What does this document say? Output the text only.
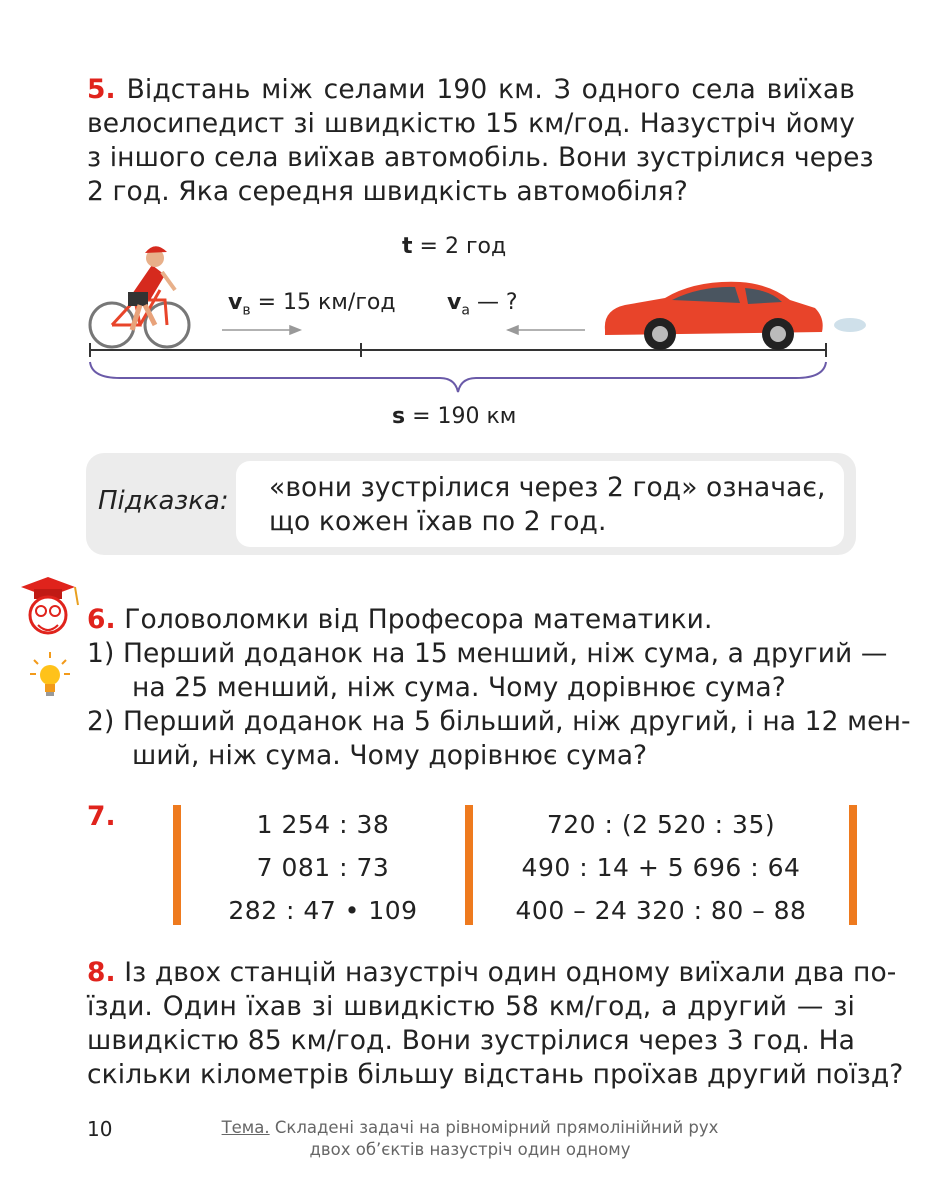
5. Відстань між селами 190 км. З одного села виїхав
велосипедист зі швидкістю 15 км/год. Назустріч йому
з іншого села виїхав автомобіль. Вони зустрілися через
2 год. Яка середня швидкість автомобіля?
t = 2 год
$v_в = 15$ км/год $v_а$ — ?
s = 190 км
Підказка: «вони зустрілися через 2 год» означає,
що кожен їхав по 2 год.
6. Головоломки від Професора математики.
1) Перший доданок на 15 менший, ніж сума, а другий —
на 25 менший, ніж сума. Чому дорівнює сума?
2) Перший доданок на 5 більший, ніж другий, і на 12 мен-
ший, ніж сума. Чому дорівнює сума?
7.	1 254 : 38
7 081 : 73
282 : 47 • 109
720 : (2 520 : 35)
490 : 14 + 5 696 : 64
400 – 24 320 : 80 – 88
8. Із двох станцій назустріч один одному виїхали два по-
їзди. Один їхав зі швидкістю 58 км/год, а другий — зі
швидкістю 85 км/год. Вони зустрілися через 3 год. На
скільки кілометрів більшу відстань проїхав другий поїзд?
10	Тема. Складені задачі на рівномірний прямолінійний рух
двох об’єктів назустріч один одному
